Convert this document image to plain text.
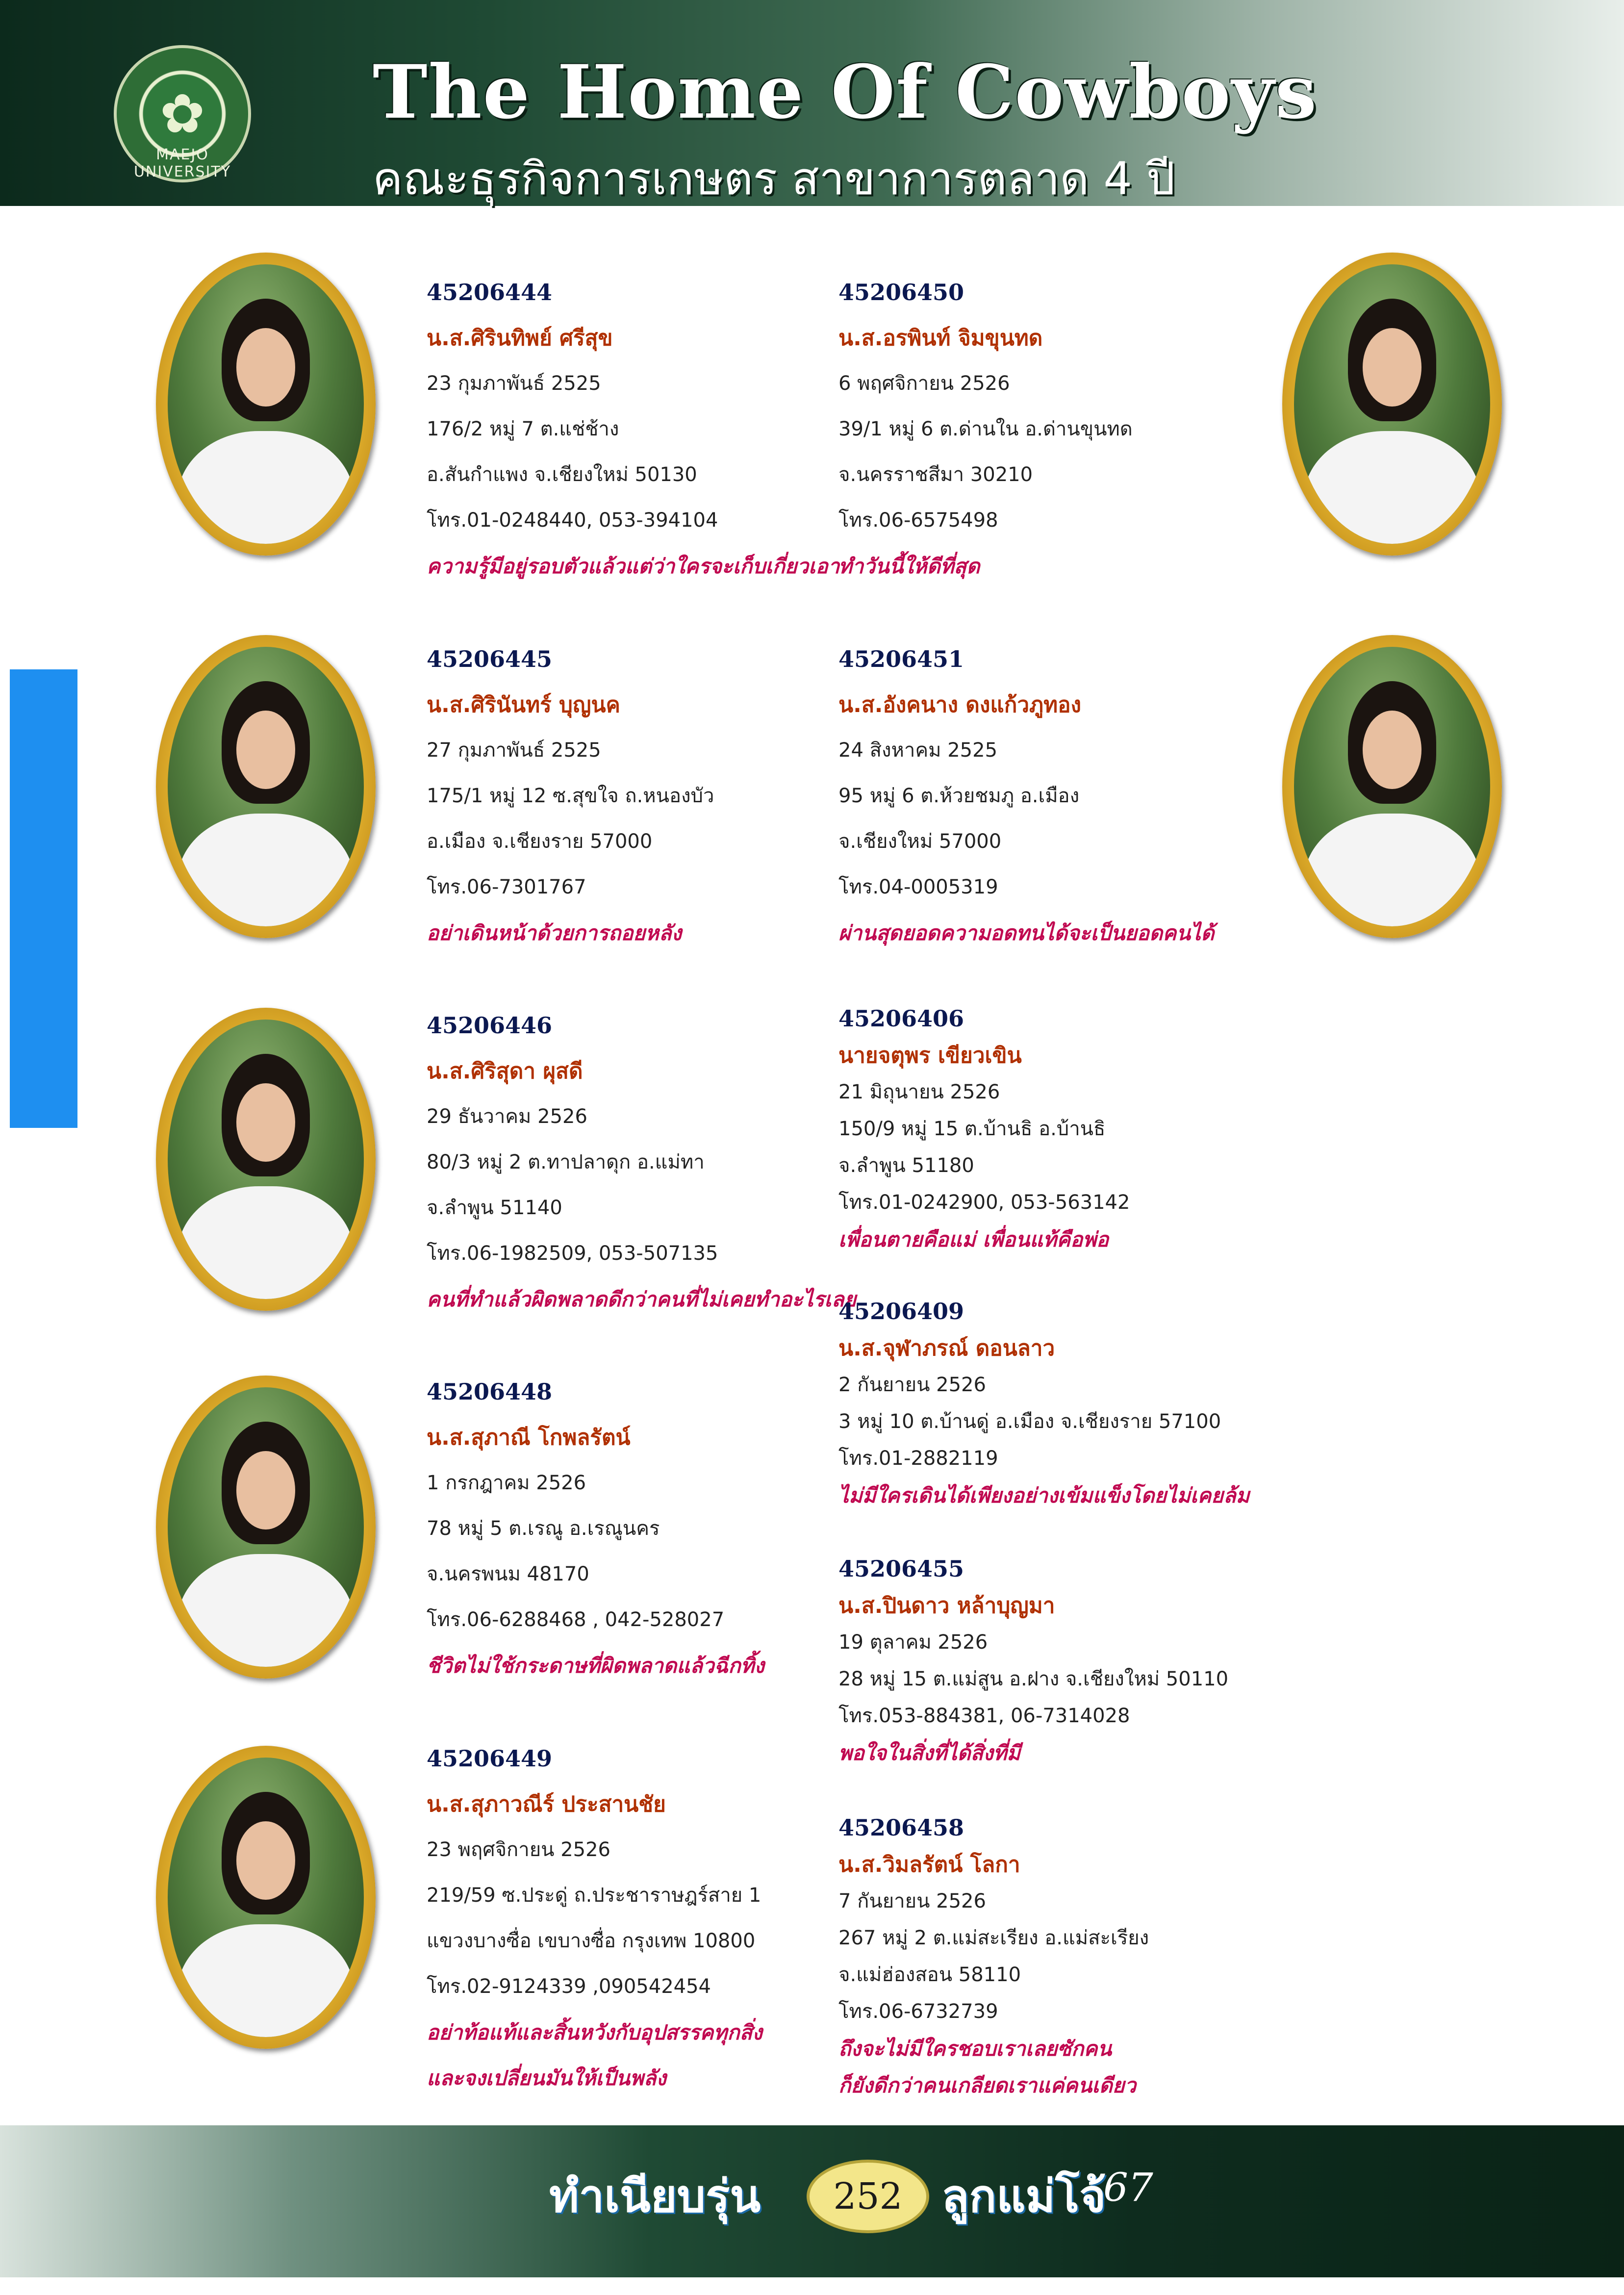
✿
MAEJO UNIVERSITY
The Home Of Cowboys
คณะธุรกิจการเกษตร สาขาการตลาด 4 ปี
45206444
น.ส.ศิรินทิพย์ ศรีสุข
23 กุมภาพันธ์ 2525
176/2 หมู่ 7 ต.แช่ช้าง
อ.สันกำแพง จ.เชียงใหม่ 50130
โทร.01-0248440, 053-394104
ความรู้มีอยู่รอบตัวแล้วแต่ว่าใครจะเก็บเกี่ยวเอา
45206445
น.ส.ศิรินันทร์ บุญนค
27 กุมภาพันธ์ 2525
175/1 หมู่ 12 ซ.สุขใจ ถ.หนองบัว
อ.เมือง จ.เชียงราย 57000
โทร.06-7301767
อย่าเดินหน้าด้วยการถอยหลัง
45206446
น.ส.ศิริสุดา ผุสดี
29 ธันวาคม 2526
80/3 หมู่ 2 ต.ทาปลาดุก อ.แม่ทา
จ.ลำพูน 51140
โทร.06-1982509, 053-507135
คนที่ทำแล้วผิดพลาดดีกว่าคนที่ไม่เคยทำอะไรเลย
45206448
น.ส.สุภาณี โกพลรัตน์
1 กรกฎาคม 2526
78 หมู่ 5 ต.เรณู อ.เรณูนคร
จ.นครพนม 48170
โทร.06-6288468 , 042-528027
ชีวิตไม่ใช้กระดาษที่ผิดพลาดแล้วฉีกทิ้ง
45206449
น.ส.สุภาวณีร์ ประสานชัย
23 พฤศจิกายน 2526
219/59 ซ.ประดู่ ถ.ประชาราษฎร์สาย 1
แขวงบางซื่อ เขบางซื่อ กรุงเทพ 10800
โทร.02-9124339 ,090542454
อย่าท้อแท้และสิ้นหวังกับอุปสรรคทุกสิ่ง
และจงเปลี่ยนมันให้เป็นพลัง
45206450
น.ส.อรพินท์ จิมขุนทด
6 พฤศจิกายน 2526
39/1 หมู่ 6 ต.ด่านใน อ.ด่านขุนทด
จ.นครราชสีมา 30210
โทร.06-6575498
ทำวันนี้ให้ดีที่สุด
45206451
น.ส.อังคนาง ดงแก้วภูทอง
24 สิงหาคม 2525
95 หมู่ 6 ต.ห้วยชมภู อ.เมือง
จ.เชียงใหม่ 57000
โทร.04-0005319
ผ่านสุดยอดความอดทนได้จะเป็นยอดคนได้
45206406
นายจตุพร เขียวเขิน
21 มิถุนายน 2526
150/9 หมู่ 15 ต.บ้านธิ อ.บ้านธิ
จ.ลำพูน 51180
โทร.01-0242900, 053-563142
เพื่อนตายคือแม่ เพื่อนแท้คือพ่อ
45206409
น.ส.จุฬาภรณ์ ดอนลาว
2 กันยายน 2526
3 หมู่ 10 ต.บ้านดู่ อ.เมือง จ.เชียงราย 57100
โทร.01-2882119
ไม่มีใครเดินได้เพียงอย่างเข้มแข็งโดยไม่เคยล้ม
45206455
น.ส.ปินดาว หล้าบุญมา
19 ตุลาคม 2526
28 หมู่ 15 ต.แม่สูน อ.ฝาง จ.เชียงใหม่ 50110
โทร.053-884381, 06-7314028
พอใจในสิ่งที่ได้สิ่งที่มี
45206458
น.ส.วิมลรัตน์ โลกา
7 กันยายน 2526
267 หมู่ 2 ต.แม่สะเรียง อ.แม่สะเรียง
จ.แม่ฮ่องสอน 58110
โทร.06-6732739
ถึงจะไม่มีใครชอบเราเลยซักคน
ก็ยังดีกว่าคนเกลียดเราแค่คนเดียว
ทำเนียบรุ่น	252 ลูกแม่โจ้
67
